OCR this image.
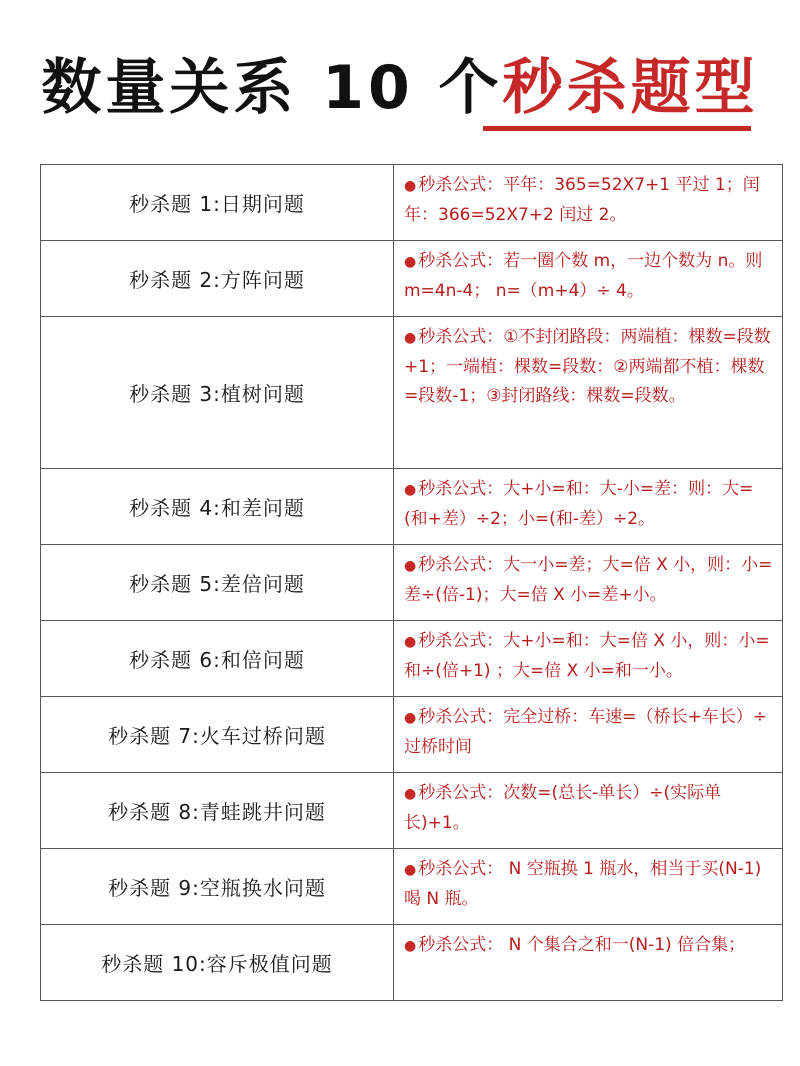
数量关系 10 个秒杀题型
秒杀题 1:日期问题	● 秒杀公式：平年：365=52X7+1 平过 1；闰年：366=52X7+2 闰过 2。
秒杀题 2:方阵问题	● 秒杀公式：若一圈个数 m，一边个数为 n。则 m=4n-4； n=（m+4）÷ 4。
秒杀题 3:植树问题	● 秒杀公式：①不封闭路段：两端植：棵数=段数+1；一端植：棵数=段数：②两端都不植：棵数=段数-1；③封闭路线：棵数=段数。
秒杀题 4:和差问题	● 秒杀公式：大+小=和：大-小=差：则：大=(和+差）÷2；小=(和-差）÷2。
秒杀题 5:差倍问题	● 秒杀公式：大一小=差；大=倍 X 小，则：小=差÷(倍-1)；大=倍 X 小=差+小。
秒杀题 6:和倍问题	● 秒杀公式：大+小=和：大=倍 X 小，则：小=和÷(倍+1) ；大=倍 X 小=和一小。
秒杀题 7:火车过桥问题	● 秒杀公式：完全过桥：车速=（桥长+车长）÷过桥时间
秒杀题 8:青蛙跳井问题	● 秒杀公式：次数=(总长-单长）÷(实际单长)+1。
秒杀题 9:空瓶换水问题	● 秒杀公式： N 空瓶换 1 瓶水，相当于买(N-1)喝 N 瓶。
秒杀题 10:容斥极值问题	● 秒杀公式： N 个集合之和一(N-1) 倍合集；
